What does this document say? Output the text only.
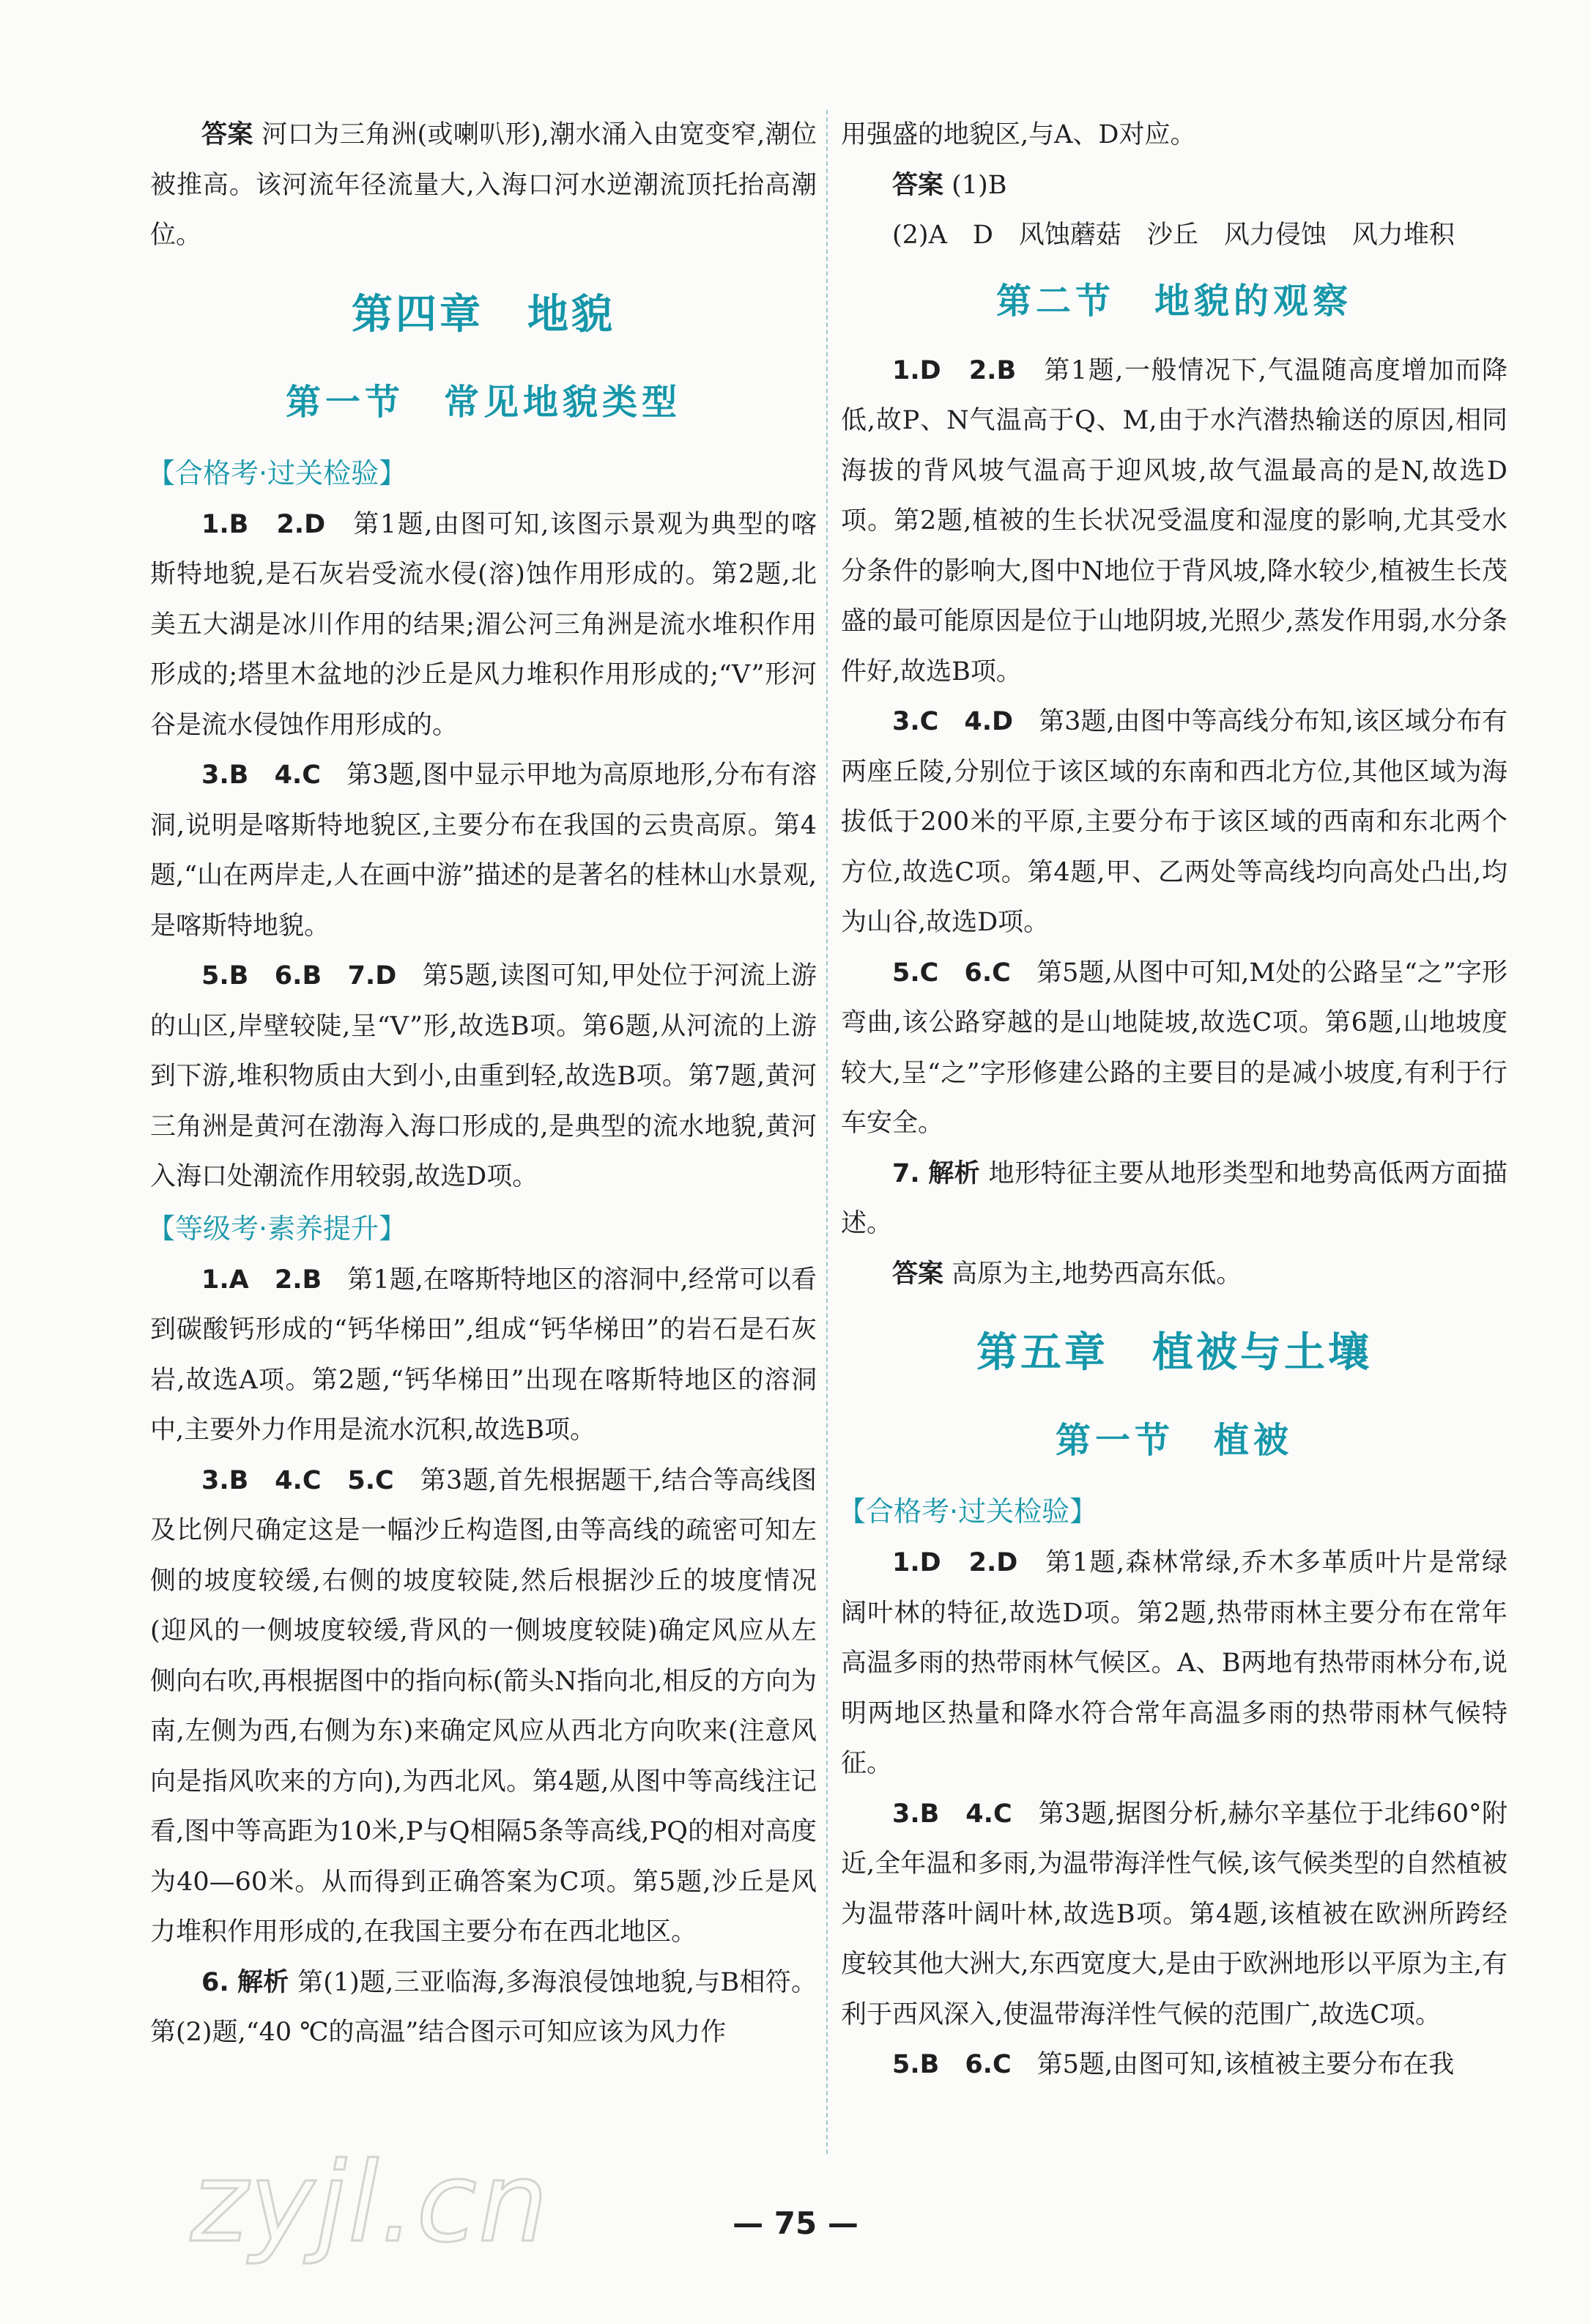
答案 河口为三角洲(或喇叭形),潮水涌入由宽变窄,潮位被推高。该河流年径流量大,入海口河水逆潮流顶托抬高潮位。

第四章　地貌
第一节　常见地貌类型
【合格考·过关检验】

1.B　2.D　第1题,由图可知,该图示景观为典型的喀斯特地貌,是石灰岩受流水侵(溶)蚀作用形成的。第2题,北美五大湖是冰川作用的结果;湄公河三角洲是流水堆积作用形成的;塔里木盆地的沙丘是风力堆积作用形成的;“V”形河谷是流水侵蚀作用形成的。

3.B　4.C　第3题,图中显示甲地为高原地形,分布有溶洞,说明是喀斯特地貌区,主要分布在我国的云贵高原。第4题,“山在两岸走,人在画中游”描述的是著名的桂林山水景观,是喀斯特地貌。

5.B　6.B　7.D　第5题,读图可知,甲处位于河流上游的山区,岸壁较陡,呈“V”形,故选B项。第6题,从河流的上游到下游,堆积物质由大到小,由重到轻,故选B项。第7题,黄河三角洲是黄河在渤海入海口形成的,是典型的流水地貌,黄河入海口处潮流作用较弱,故选D项。

【等级考·素养提升】

1.A　2.B　第1题,在喀斯特地区的溶洞中,经常可以看到碳酸钙形成的“钙华梯田”,组成“钙华梯田”的岩石是石灰岩,故选A项。第2题,“钙华梯田”出现在喀斯特地区的溶洞中,主要外力作用是流水沉积,故选B项。

3.B　4.C　5.C　第3题,首先根据题干,结合等高线图及比例尺确定这是一幅沙丘构造图,由等高线的疏密可知左侧的坡度较缓,右侧的坡度较陡,然后根据沙丘的坡度情况(迎风的一侧坡度较缓,背风的一侧坡度较陡)确定风应从左侧向右吹,再根据图中的指向标(箭头N指向北,相反的方向为南,左侧为西,右侧为东)来确定风应从西北方向吹来(注意风向是指风吹来的方向),为西北风。第4题,从图中等高线注记看,图中等高距为10米,P与Q相隔5条等高线,PQ的相对高度为40—60米。从而得到正确答案为C项。第5题,沙丘是风力堆积作用形成的,在我国主要分布在西北地区。

6. 解析 第(1)题,三亚临海,多海浪侵蚀地貌,与B相符。第(2)题,“40 ℃的高温”结合图示可知应该为风力作

用强盛的地貌区,与A、D对应。

答案 (1)B

(2)A　D　风蚀蘑菇　沙丘　风力侵蚀　风力堆积

第二节　地貌的观察

1.D　2.B　第1题,一般情况下,气温随高度增加而降低,故P、N气温高于Q、M,由于水汽潜热输送的原因,相同海拔的背风坡气温高于迎风坡,故气温最高的是N,故选D项。第2题,植被的生长状况受温度和湿度的影响,尤其受水分条件的影响大,图中N地位于背风坡,降水较少,植被生长茂盛的最可能原因是位于山地阴坡,光照少,蒸发作用弱,水分条件好,故选B项。

3.C　4.D　第3题,由图中等高线分布知,该区域分布有两座丘陵,分别位于该区域的东南和西北方位,其他区域为海拔低于200米的平原,主要分布于该区域的西南和东北两个方位,故选C项。第4题,甲、乙两处等高线均向高处凸出,均为山谷,故选D项。

5.C　6.C　第5题,从图中可知,M处的公路呈“之”字形弯曲,该公路穿越的是山地陡坡,故选C项。第6题,山地坡度较大,呈“之”字形修建公路的主要目的是减小坡度,有利于行车安全。

7. 解析 地形特征主要从地形类型和地势高低两方面描述。

答案 高原为主,地势西高东低。

第五章　植被与土壤
第一节　植被
【合格考·过关检验】

1.D　2.D　第1题,森林常绿,乔木多革质叶片是常绿阔叶林的特征,故选D项。第2题,热带雨林主要分布在常年高温多雨的热带雨林气候区。A、B两地有热带雨林分布,说明两地区热量和降水符合常年高温多雨的热带雨林气候特征。

3.B　4.C　第3题,据图分析,赫尔辛基位于北纬60°附近,全年温和多雨,为温带海洋性气候,该气候类型的自然植被为温带落叶阔叶林,故选B项。第4题,该植被在欧洲所跨经度较其他大洲大,东西宽度大,是由于欧洲地形以平原为主,有利于西风深入,使温带海洋性气候的范围广,故选C项。

5.B　6.C　第5题,由图可知,该植被主要分布在我

— 75 —
zyjl.cn
